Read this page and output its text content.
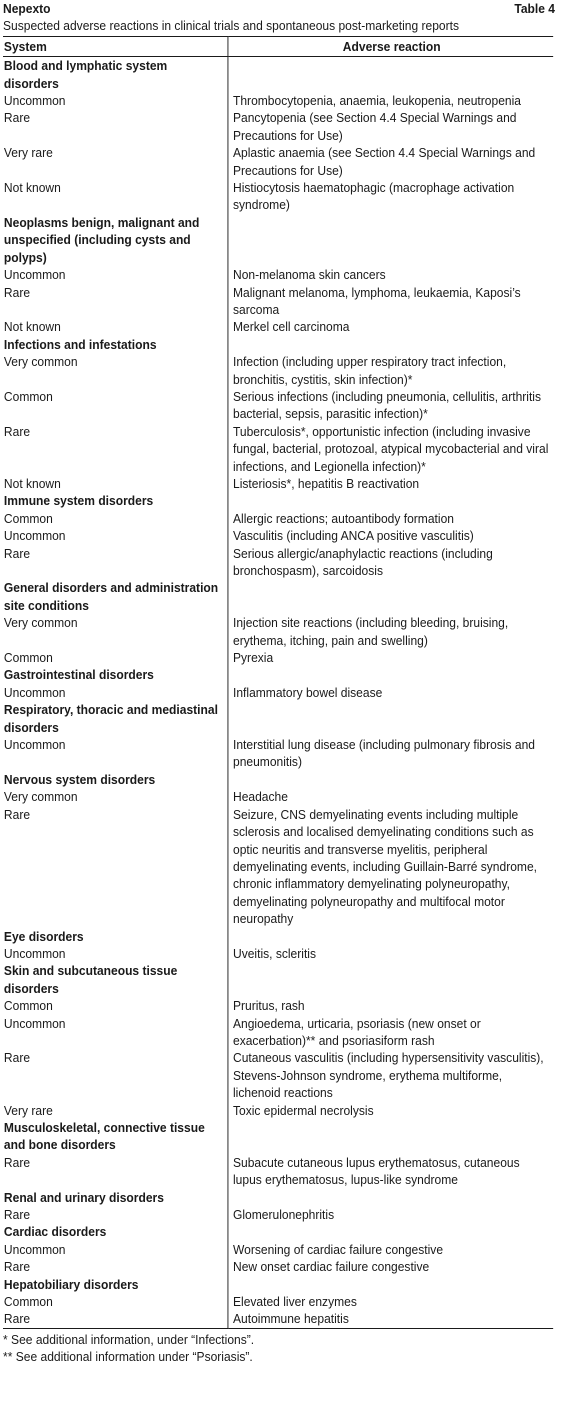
Nepexto	Table 4
Suspected adverse reactions in clinical trials and spontaneous post-marketing reports
System	Adverse reaction
Blood and lymphatic system disorders	
Uncommon	Thrombocytopenia, anaemia, leukopenia, neutropenia
Rare	Pancytopenia (see Section 4.4 Special Warnings and Precautions for Use)
Very rare	Aplastic anaemia (see Section 4.4 Special Warnings and Precautions for Use)
Not known	Histiocytosis haematophagic (macrophage activation syndrome)
Neoplasms benign, malignant and unspecified (including cysts and polyps)	
Uncommon	Non-melanoma skin cancers
Rare	Malignant melanoma, lymphoma, leukaemia, Kaposi’s sarcoma
Not known	Merkel cell carcinoma
Infections and infestations	
Very common	Infection (including upper respiratory tract infection, bronchitis, cystitis, skin infection)*
Common	Serious infections (including pneumonia, cellulitis, arthritis bacterial, sepsis, parasitic infection)*
Rare	Tuberculosis*, opportunistic infection (including invasive fungal, bacterial, protozoal, atypical mycobacterial and viral infections, and Legionella infection)*
Not known	Listeriosis*, hepatitis B reactivation
Immune system disorders	
Common	Allergic reactions; autoantibody formation
Uncommon	Vasculitis (including ANCA positive vasculitis)
Rare	Serious allergic/anaphylactic reactions (including bronchospasm), sarcoidosis
General disorders and administration site conditions	
Very common	Injection site reactions (including bleeding, bruising, erythema, itching, pain and swelling)
Common	Pyrexia
Gastrointestinal disorders	
Uncommon	Inflammatory bowel disease
Respiratory, thoracic and mediastinal disorders	
Uncommon	Interstitial lung disease (including pulmonary fibrosis and pneumonitis)
Nervous system disorders	
Very common	Headache
Rare	Seizure, CNS demyelinating events including multiple sclerosis and localised demyelinating conditions such as optic neuritis and transverse myelitis, peripheral demyelinating events, including Guillain-Barré syndrome, chronic inflammatory demyelinating polyneuropathy, demyelinating polyneuropathy and multifocal motor neuropathy
Eye disorders	
Uncommon	Uveitis, scleritis
Skin and subcutaneous tissue disorders	
Common	Pruritus, rash
Uncommon	Angioedema, urticaria, psoriasis (new onset or exacerbation)** and psoriasiform rash
Rare	Cutaneous vasculitis (including hypersensitivity vasculitis), Stevens-Johnson syndrome, erythema multiforme, lichenoid reactions
Very rare	Toxic epidermal necrolysis
Musculoskeletal, connective tissue and bone disorders	
Rare	Subacute cutaneous lupus erythematosus, cutaneous lupus erythematosus, lupus-like syndrome
Renal and urinary disorders	
Rare	Glomerulonephritis
Cardiac disorders	
Uncommon	Worsening of cardiac failure congestive
Rare	New onset cardiac failure congestive
Hepatobiliary disorders	
Common	Elevated liver enzymes
Rare	Autoimmune hepatitis
* See additional information, under “Infections”.
** See additional information under “Psoriasis”.
